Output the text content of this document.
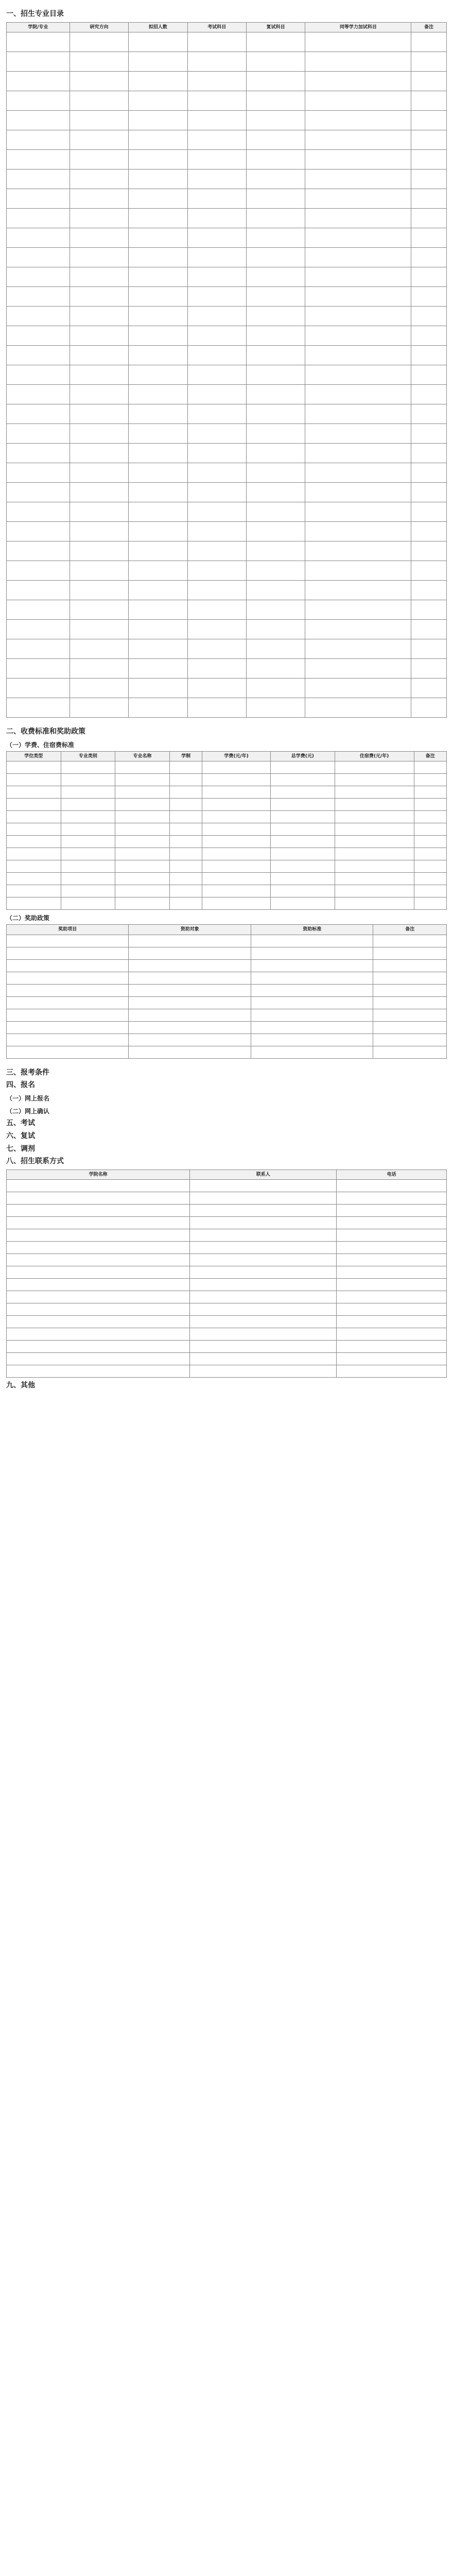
一、招生专业目录
学院/专业	研究方向	拟招人数	考试科目	复试科目	同等学力加试科目	备注

二、收费标准和奖助政策
（一）学费、住宿费标准
学位类型	专业类别	专业名称	学制	学费(元/年)	总学费(元)	住宿费(元/年)	备注

（二）奖助政策
奖助项目	资助对象	资助标准	备注

三、报考条件
四、报名
（一）网上报名
（二）网上确认
五、考试
六、复试
七、调剂
八、招生联系方式
学院名称	联系人	电话

九、其他
